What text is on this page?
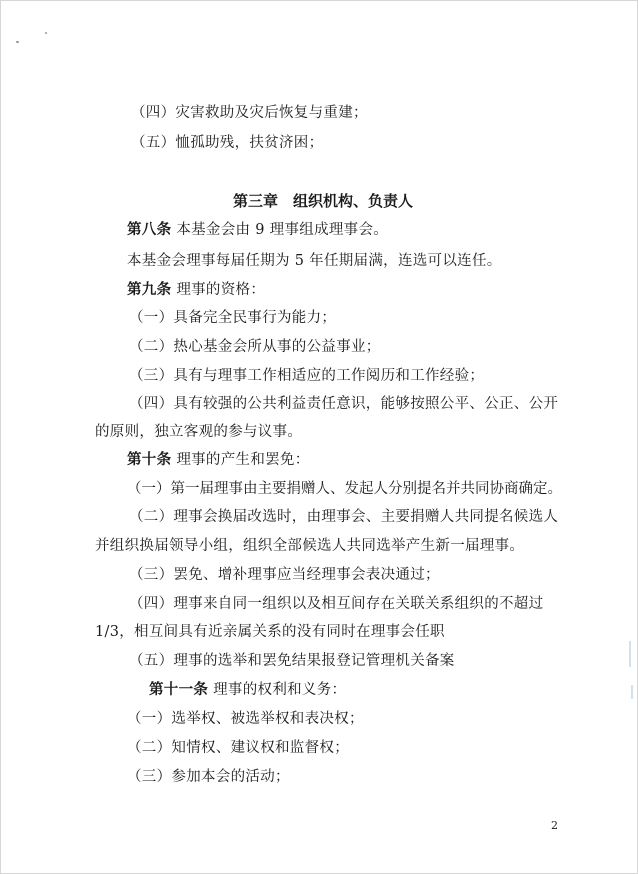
（四）灾害救助及灾后恢复与重建；
（五）恤孤助残，扶贫济困；
第三章　组织机构、负责人
第八条 本基金会由 9 理事组成理事会。
本基金会理事每届任期为 5 年任期届满，连选可以连任。
第九条 理事的资格：
（一）具备完全民事行为能力；
（二）热心基金会所从事的公益事业；
（三）具有与理事工作相适应的工作阅历和工作经验；
（四）具有较强的公共利益责任意识，能够按照公平、公正、公开
的原则，独立客观的参与议事。
第十条 理事的产生和罢免：
（一）第一届理事由主要捐赠人、发起人分别提名并共同协商确定。
（二）理事会换届改选时，由理事会、主要捐赠人共同提名候选人
并组织换届领导小组，组织全部候选人共同选举产生新一届理事。
（三）罢免、增补理事应当经理事会表决通过；
（四）理事来自同一组织以及相互间存在关联关系组织的不超过
1/3，相互间具有近亲属关系的没有同时在理事会任职
（五）理事的选举和罢免结果报登记管理机关备案
第十一条 理事的权利和义务：
（一）选举权、被选举权和表决权；
（二）知情权、建议权和监督权；
（三）参加本会的活动；
2
